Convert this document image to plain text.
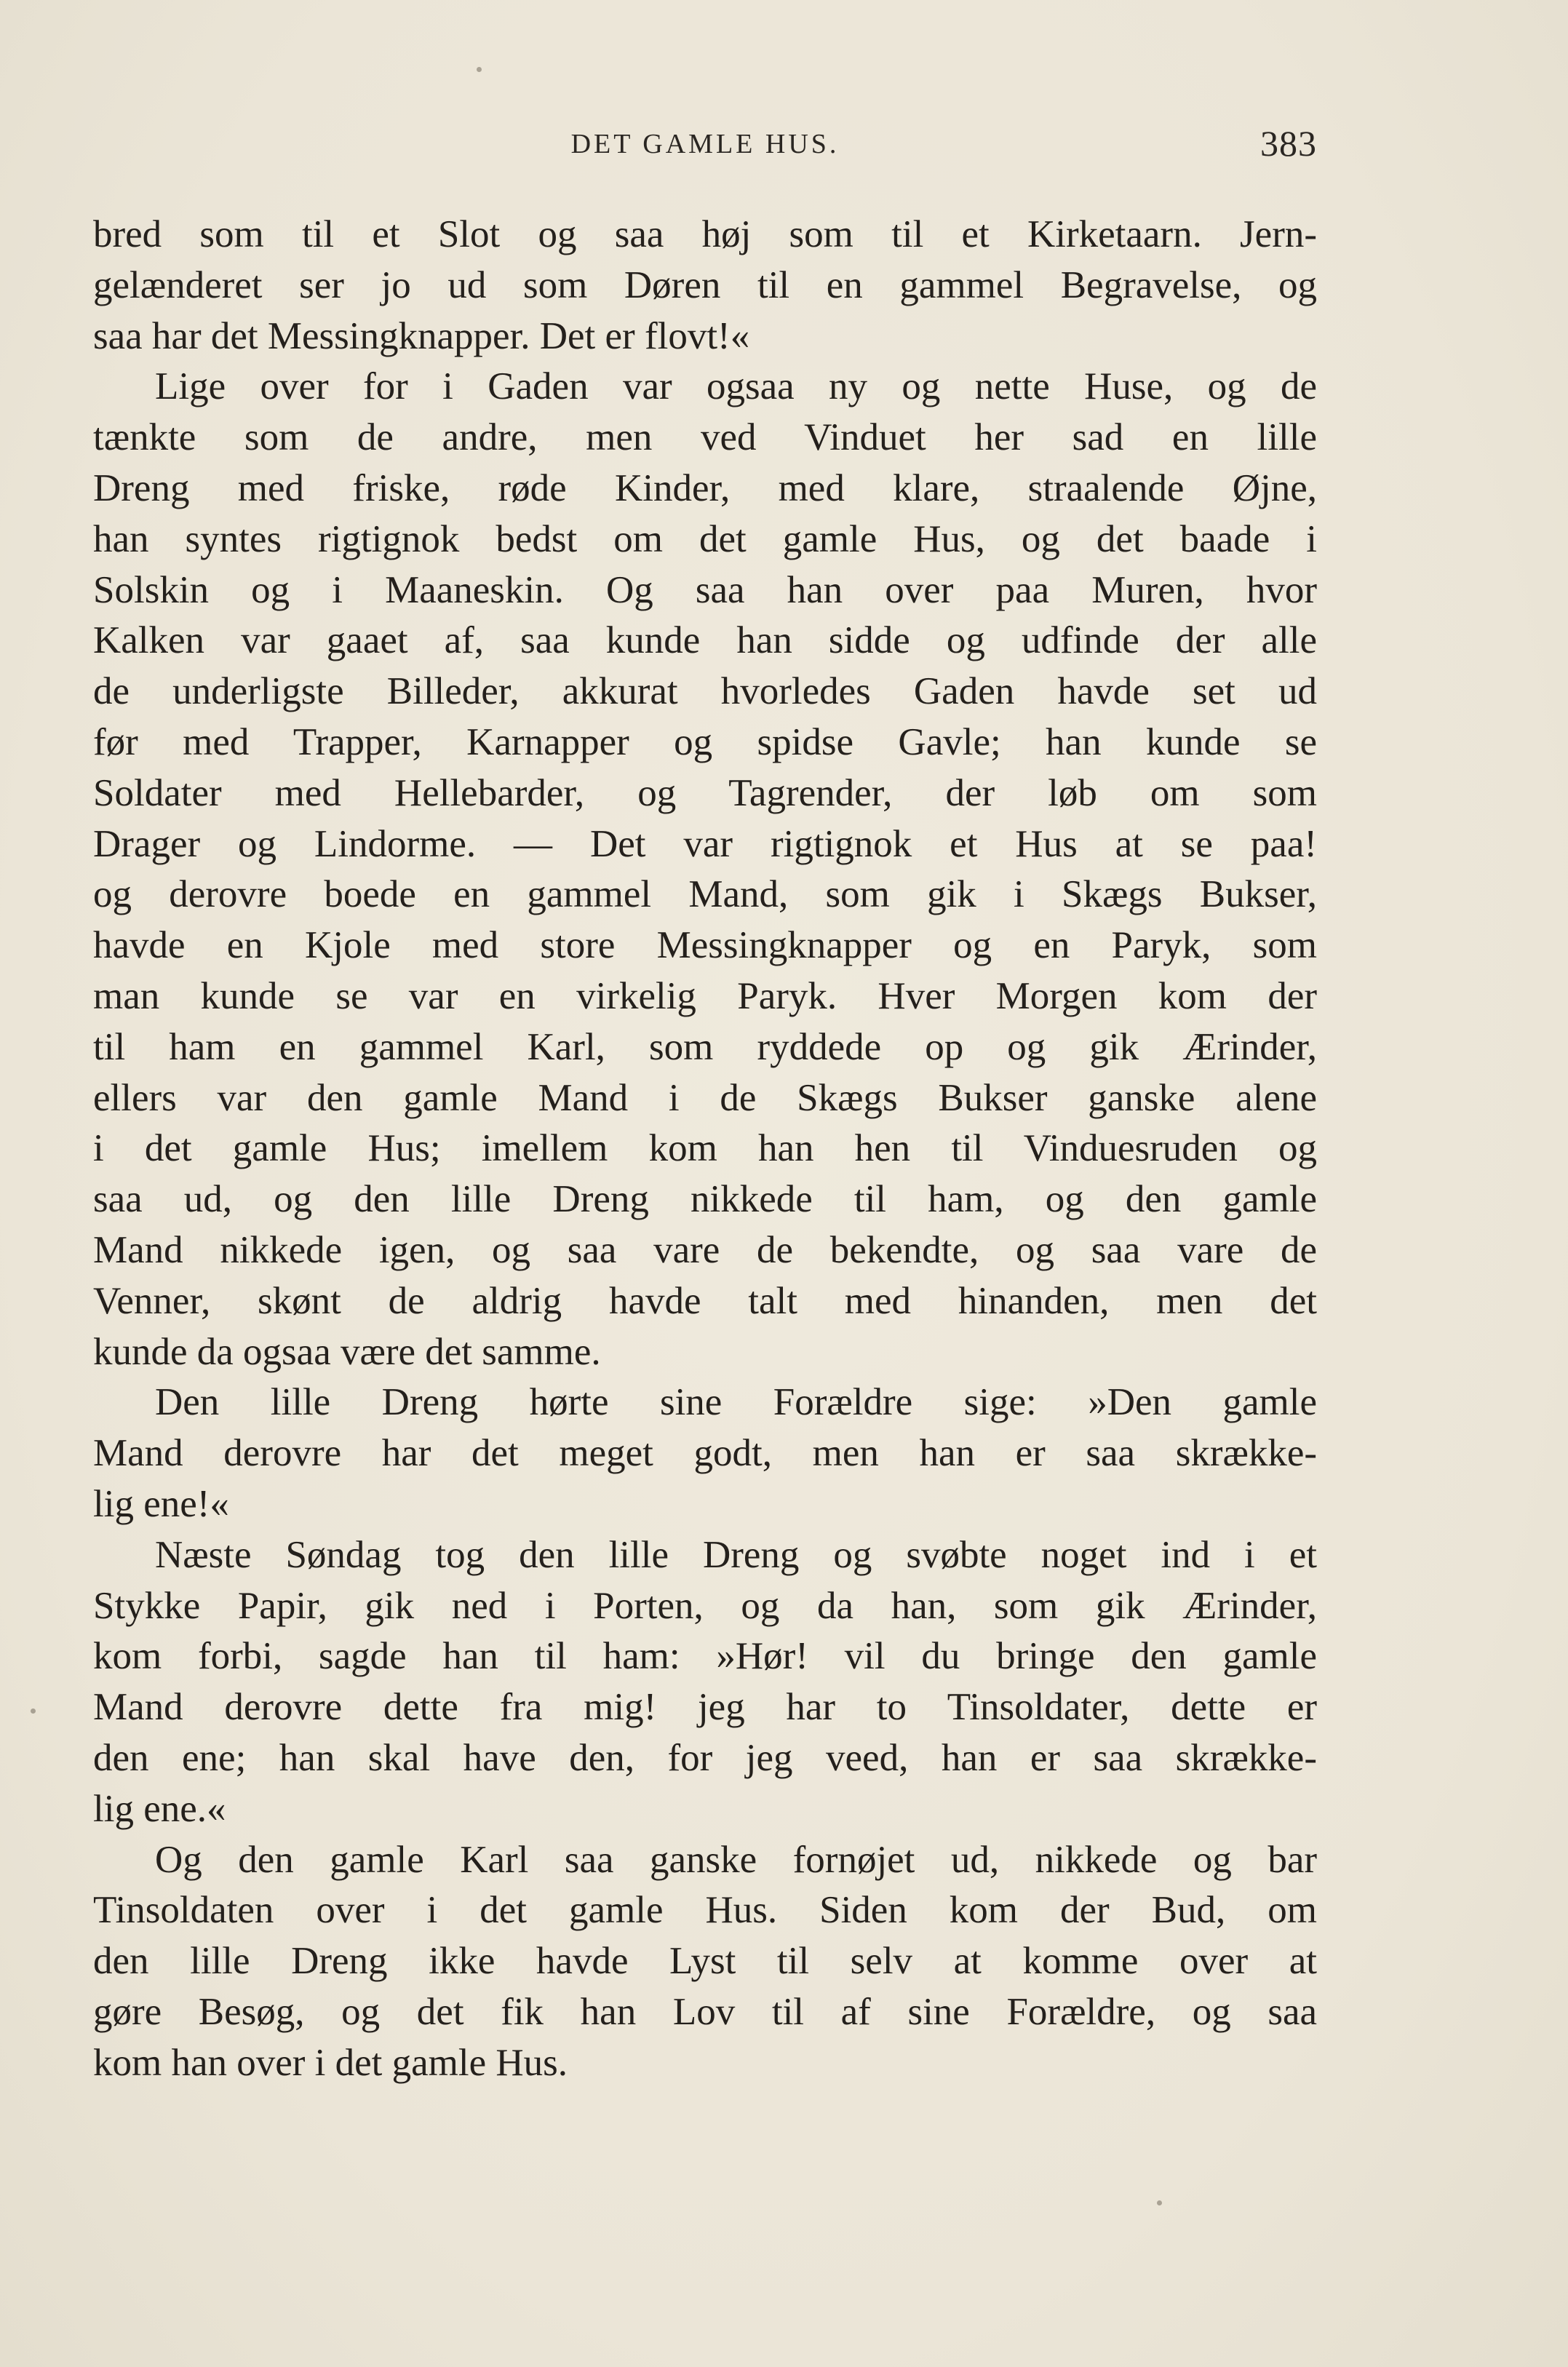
DET GAMLE HUS.	383

bred som til et Slot og saa høj som til et Kirketaarn. Jern-
gelænderet ser jo ud som Døren til en gammel Begravelse, og
saa har det Messingknapper. Det er flovt!«

Lige over for i Gaden var ogsaa ny og nette Huse, og de
tænkte som de andre, men ved Vinduet her sad en lille
Dreng med friske, røde Kinder, med klare, straalende Øjne,
han syntes rigtignok bedst om det gamle Hus, og det baade i
Solskin og i Maaneskin. Og saa han over paa Muren, hvor
Kalken var gaaet af, saa kunde han sidde og udfinde der alle
de underligste Billeder, akkurat hvorledes Gaden havde set ud
før med Trapper, Karnapper og spidse Gavle; han kunde se
Soldater med Hellebarder, og Tagrender, der løb om som
Drager og Lindorme. — Det var rigtignok et Hus at se paa!
og derovre boede en gammel Mand, som gik i Skægs Bukser,
havde en Kjole med store Messingknapper og en Paryk, som
man kunde se var en virkelig Paryk. Hver Morgen kom der
til ham en gammel Karl, som ryddede op og gik Ærinder,
ellers var den gamle Mand i de Skægs Bukser ganske alene
i det gamle Hus; imellem kom han hen til Vinduesruden og
saa ud, og den lille Dreng nikkede til ham, og den gamle
Mand nikkede igen, og saa vare de bekendte, og saa vare de
Venner, skønt de aldrig havde talt med hinanden, men det
kunde da ogsaa være det samme.

Den lille Dreng hørte sine Forældre sige: »Den gamle
Mand derovre har det meget godt, men han er saa skrække-
lig ene!«

Næste Søndag tog den lille Dreng og svøbte noget ind i et
Stykke Papir, gik ned i Porten, og da han, som gik Ærinder,
kom forbi, sagde han til ham: »Hør! vil du bringe den gamle
Mand derovre dette fra mig! jeg har to Tinsoldater, dette er
den ene; han skal have den, for jeg veed, han er saa skrække-
lig ene.«

Og den gamle Karl saa ganske fornøjet ud, nikkede og bar
Tinsoldaten over i det gamle Hus. Siden kom der Bud, om
den lille Dreng ikke havde Lyst til selv at komme over at
gøre Besøg, og det fik han Lov til af sine Forældre, og saa
kom han over i det gamle Hus.
